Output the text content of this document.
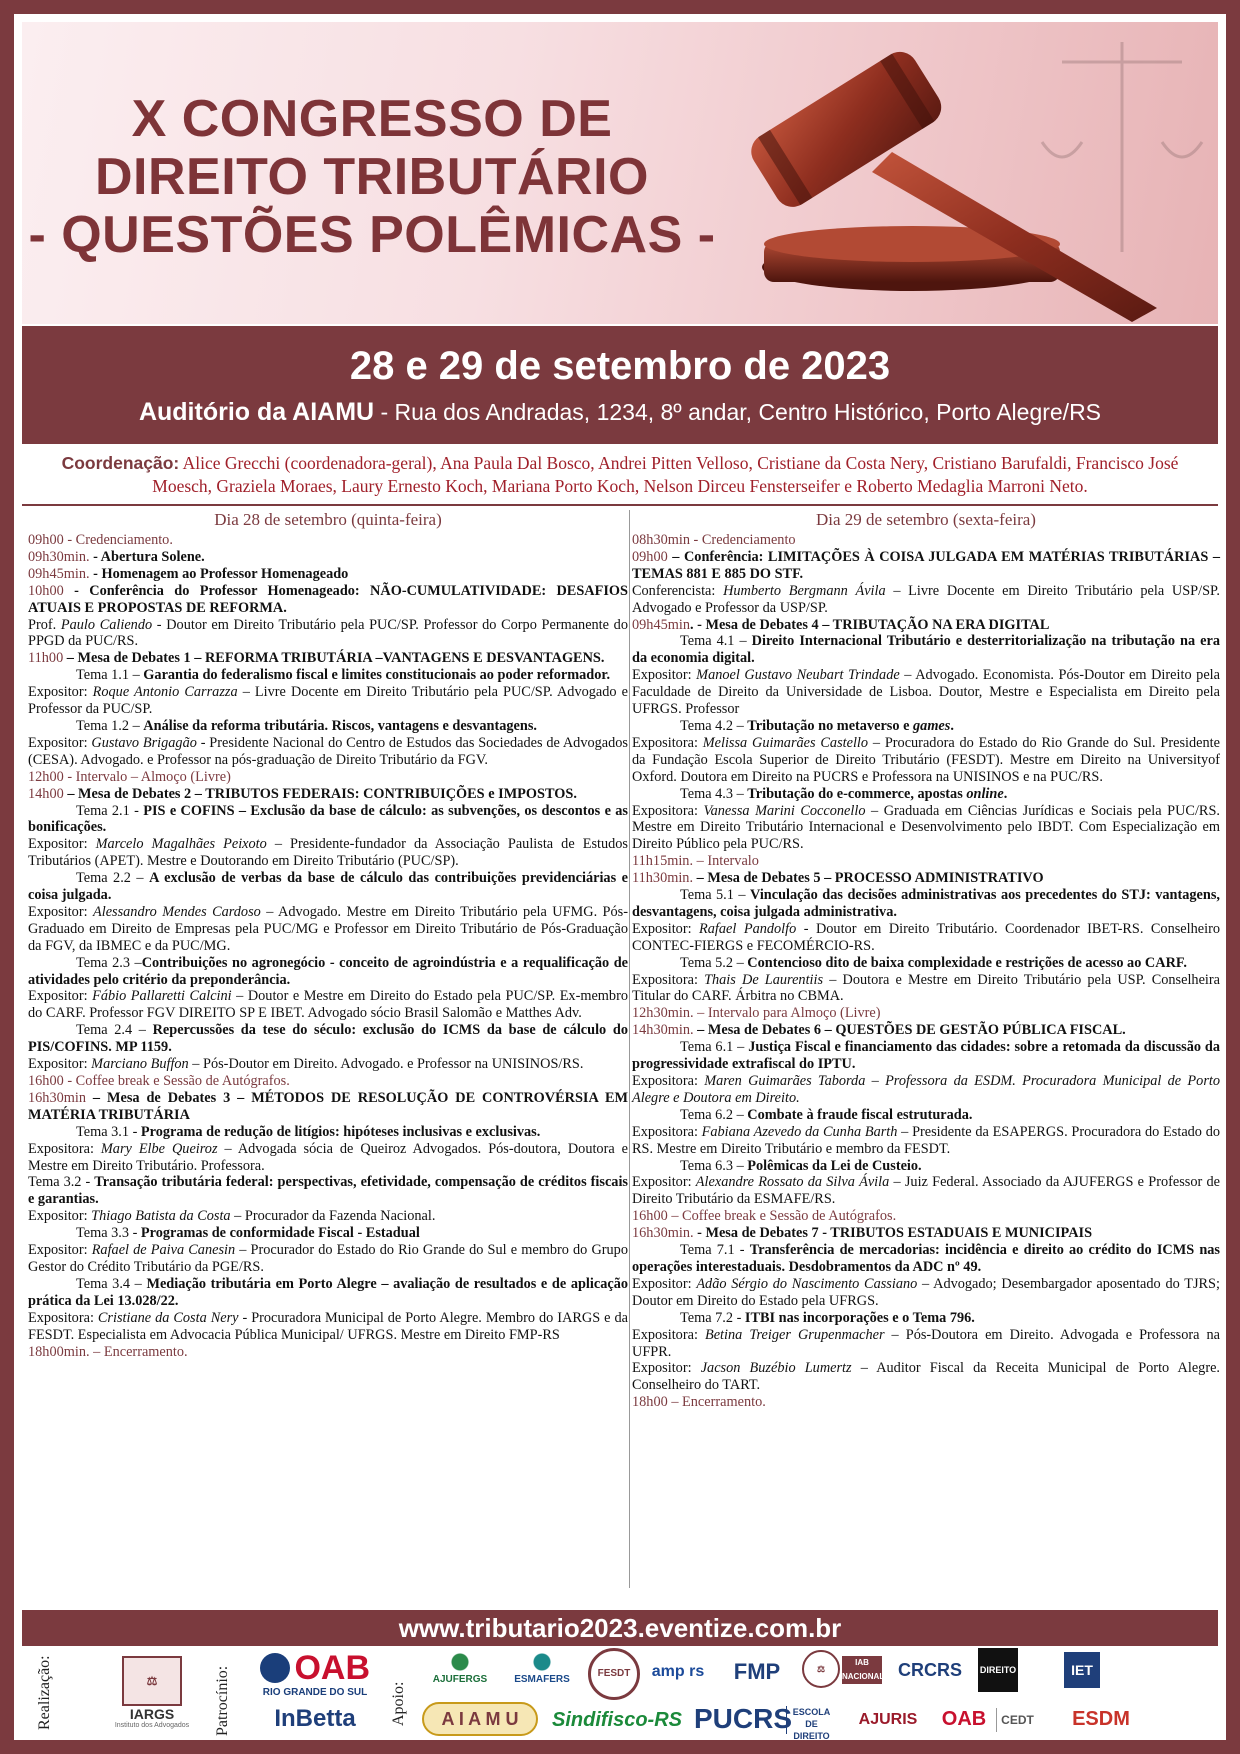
X CONGRESSO DE
DIREITO TRIBUTÁRIO
- QUESTÕES POLÊMICAS -
28 e 29 de setembro de 2023
Auditório da AIAMU - Rua dos Andradas, 1234, 8º andar, Centro Histórico, Porto Alegre/RS
Coordenação: Alice Grecchi (coordenadora-geral), Ana Paula Dal Bosco, Andrei Pitten Velloso, Cristiane da Costa Nery, Cristiano Barufaldi, Francisco José Moesch, Graziela Moraes, Laury Ernesto Koch, Mariana Porto Koch, Nelson Dirceu Fensterseifer e Roberto Medaglia Marroni Neto.
Dia 28 de setembro (quinta-feira)

09h00 - Credenciamento.

09h30min. - Abertura Solene.

09h45min. - Homenagem ao Professor Homenageado

10h00 - Conferência do Professor Homenageado: NÃO-CUMULATIVIDADE: DESAFIOS ATUAIS E PROPOSTAS DE REFORMA.

Prof. Paulo Caliendo - Doutor em Direito Tributário pela PUC/SP. Professor do Corpo Permanente do PPGD da PUC/RS.

11h00 – Mesa de Debates 1 – REFORMA TRIBUTÁRIA –VANTAGENS E DESVANTAGENS.

Tema 1.1 – Garantia do federalismo fiscal e limites constitucionais ao poder reformador.

Expositor: Roque Antonio Carrazza – Livre Docente em Direito Tributário pela PUC/SP. Advogado e Professor da PUC/SP.

Tema 1.2 – Análise da reforma tributária. Riscos, vantagens e desvantagens.

Expositor: Gustavo Brigagão - Presidente Nacional do Centro de Estudos das Sociedades de Advogados (CESA). Advogado. e Professor na pós-graduação de Direito Tributário da FGV.

12h00 - Intervalo – Almoço (Livre)

14h00 – Mesa de Debates 2 – TRIBUTOS FEDERAIS: CONTRIBUIÇÕES e IMPOSTOS.

Tema 2.1 - PIS e COFINS – Exclusão da base de cálculo: as subvenções, os descontos e as bonificações.

Expositor: Marcelo Magalhães Peixoto – Presidente-fundador da Associação Paulista de Estudos Tributários (APET). Mestre e Doutorando em Direito Tributário (PUC/SP).

Tema 2.2 – A exclusão de verbas da base de cálculo das contribuições previdenciárias e coisa julgada.

Expositor: Alessandro Mendes Cardoso – Advogado. Mestre em Direito Tributário pela UFMG. Pós-Graduado em Direito de Empresas pela PUC/MG e Professor em Direito Tributário de Pós-Graduação da FGV, da IBMEC e da PUC/MG.

Tema 2.3 –Contribuições no agronegócio - conceito de agroindústria e a requalificação de atividades pelo critério da preponderância.

Expositor: Fábio Pallaretti Calcini – Doutor e Mestre em Direito do Estado pela PUC/SP. Ex-membro do CARF. Professor FGV DIREITO SP E IBET. Advogado sócio Brasil Salomão e Matthes Adv.

Tema 2.4 – Repercussões da tese do século: exclusão do ICMS da base de cálculo do PIS/COFINS. MP 1159.

Expositor: Marciano Buffon – Pós-Doutor em Direito. Advogado. e Professor na UNISINOS/RS.

16h00 - Coffee break e Sessão de Autógrafos.

16h30min – Mesa de Debates 3 – MÉTODOS DE RESOLUÇÃO DE CONTROVÉRSIA EM MATÉRIA TRIBUTÁRIA

Tema 3.1 - Programa de redução de litígios: hipóteses inclusivas e exclusivas.

Expositora: Mary Elbe Queiroz – Advogada sócia de Queiroz Advogados. Pós-doutora, Doutora e Mestre em Direito Tributário. Professora.

Tema 3.2 - Transação tributária federal: perspectivas, efetividade, compensação de créditos fiscais e garantias.

Expositor: Thiago Batista da Costa – Procurador da Fazenda Nacional.

Tema 3.3 - Programas de conformidade Fiscal - Estadual

Expositor: Rafael de Paiva Canesin – Procurador do Estado do Rio Grande do Sul e membro do Grupo Gestor do Crédito Tributário da PGE/RS.

Tema 3.4 – Mediação tributária em Porto Alegre – avaliação de resultados e de aplicação prática da Lei 13.028/22.

Expositora: Cristiane da Costa Nery - Procuradora Municipal de Porto Alegre. Membro do IARGS e da FESDT. Especialista em Advocacia Pública Municipal/ UFRGS. Mestre em Direito FMP-RS

18h00min. – Encerramento.

Dia 29 de setembro (sexta-feira)

08h30min - Credenciamento

09h00 – Conferência: LIMITAÇÕES À COISA JULGADA EM MATÉRIAS TRIBUTÁRIAS – TEMAS 881 E 885 DO STF.

Conferencista: Humberto Bergmann Ávila – Livre Docente em Direito Tributário pela USP/SP. Advogado e Professor da USP/SP.

09h45min. - Mesa de Debates 4 – TRIBUTAÇÃO NA ERA DIGITAL

Tema 4.1 – Direito Internacional Tributário e desterritorialização na tributação na era da economia digital.

Expositor: Manoel Gustavo Neubart Trindade – Advogado. Economista. Pós-Doutor em Direito pela Faculdade de Direito da Universidade de Lisboa. Doutor, Mestre e Especialista em Direito pela UFRGS. Professor

Tema 4.2 – Tributação no metaverso e games.

Expositora: Melissa Guimarães Castello – Procuradora do Estado do Rio Grande do Sul. Presidente da Fundação Escola Superior de Direito Tributário (FESDT). Mestre em Direito na Universityof Oxford. Doutora em Direito na PUCRS e Professora na UNISINOS e na PUC/RS.

Tema 4.3 – Tributação do e-commerce, apostas online.

Expositora: Vanessa Marini Cocconello – Graduada em Ciências Jurídicas e Sociais pela PUC/RS. Mestre em Direito Tributário Internacional e Desenvolvimento pelo IBDT. Com Especialização em Direito Público pela PUC/RS.

11h15min. – Intervalo

11h30min. – Mesa de Debates 5 – PROCESSO ADMINISTRATIVO

Tema 5.1 – Vinculação das decisões administrativas aos precedentes do STJ: vantagens, desvantagens, coisa julgada administrativa.

Expositor: Rafael Pandolfo - Doutor em Direito Tributário. Coordenador IBET-RS. Conselheiro CONTEC-FIERGS e FECOMÉRCIO-RS.

Tema 5.2 – Contencioso dito de baixa complexidade e restrições de acesso ao CARF.

Expositora: Thais De Laurentiis – Doutora e Mestre em Direito Tributário pela USP. Conselheira Titular do CARF. Árbitra no CBMA.

12h30min. – Intervalo para Almoço (Livre)

14h30min. – Mesa de Debates 6 – QUESTÕES DE GESTÃO PÚBLICA FISCAL.

Tema 6.1 – Justiça Fiscal e financiamento das cidades: sobre a retomada da discussão da progressividade extrafiscal do IPTU.

Expositora: Maren Guimarães Taborda – Professora da ESDM. Procuradora Municipal de Porto Alegre e Doutora em Direito.

Tema 6.2 – Combate à fraude fiscal estruturada.

Expositora: Fabiana Azevedo da Cunha Barth – Presidente da ESAPERGS. Procuradora do Estado do RS. Mestre em Direito Tributário e membro da FESDT.

Tema 6.3 – Polêmicas da Lei de Custeio.

Expositor: Alexandre Rossato da Silva Ávila – Juiz Federal. Associado da AJUFERGS e Professor de Direito Tributário da ESMAFE/RS.

16h00 – Coffee break e Sessão de Autógrafos.

16h30min. - Mesa de Debates 7 - TRIBUTOS ESTADUAIS E MUNICIPAIS

Tema 7.1 - Transferência de mercadorias: incidência e direito ao crédito do ICMS nas operações interestaduais. Desdobramentos da ADC nº 49.

Expositor: Adão Sérgio do Nascimento Cassiano – Advogado; Desembargador aposentado do TJRS; Doutor em Direito do Estado pela UFRGS.

Tema 7.2 - ITBI nas incorporações e o Tema 796.

Expositora: Betina Treiger Grupenmacher – Pós-Doutora em Direito. Advogada e Professora na UFPR.

Expositor: Jacson Buzébio Lumertz – Auditor Fiscal da Receita Municipal de Porto Alegre. Conselheiro do TART.

18h00 – Encerramento.

www.tributario2023.eventize.com.br
Realização:	⚖
IARGS
Instituto dos Advogados	Patrocínio:	OAB
RIO GRANDE DO SUL
InBetta	Apoio:
AJUFERGS	ESMAFERS
FESDT	amp rs	FMP	⚖
IAB NACIONAL CRCRS	DIREITO	IET
A I A M U	Sindifisco-RS PUCRS ESCOLA DE DIREITO
AJURIS	OAB	CEDT	ESDM
